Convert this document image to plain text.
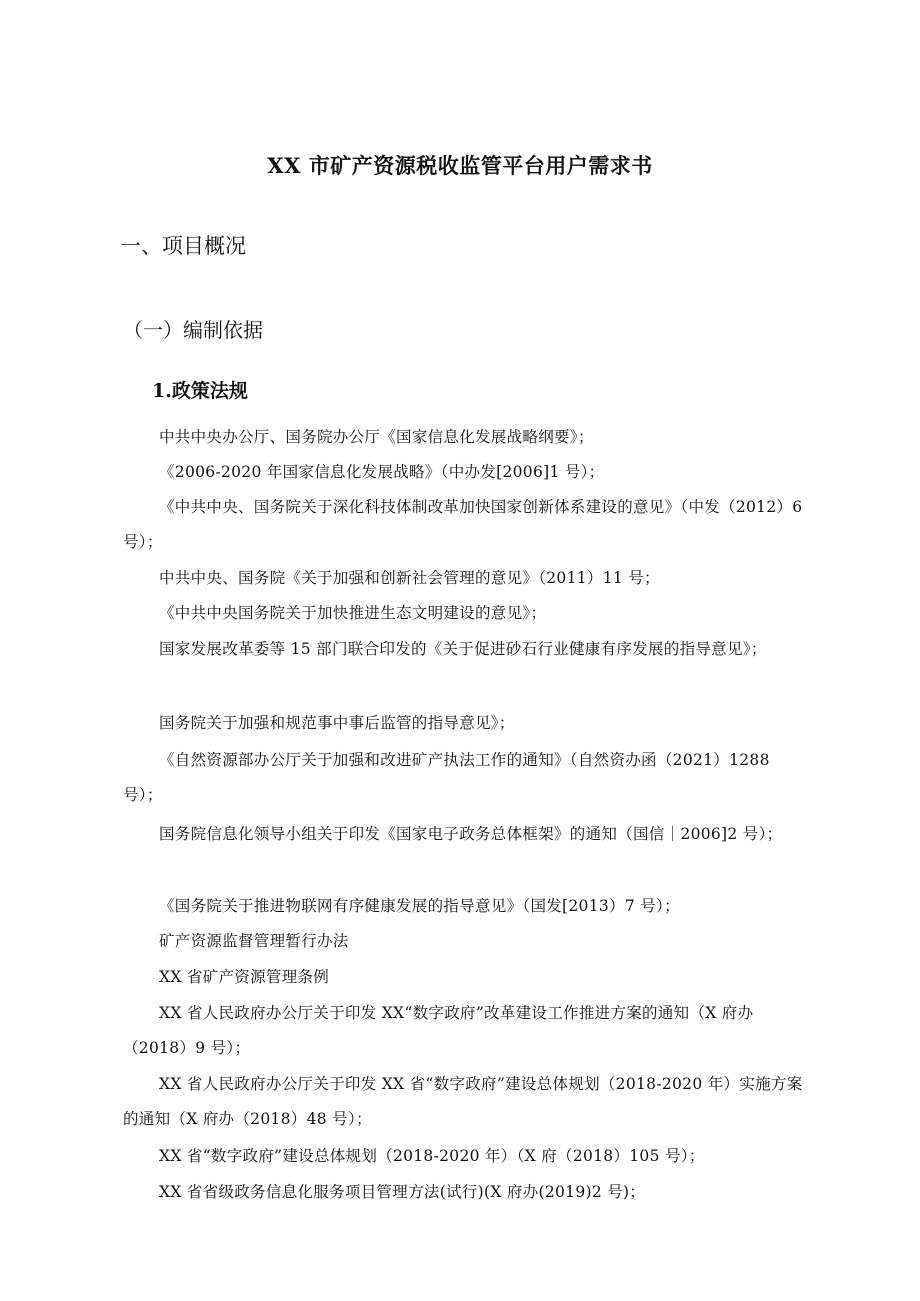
XX 市矿产资源税收监管平台用户需求书
一、项目概况
（一）编制依据
1.政策法规

中共中央办公厅、国务院办公厅《国家信息化发展战略纲要》；

《2006-2020 年国家信息化发展战略》（中办发[2006]1 号）；

《中共中央、国务院关于深化科技体制改革加快国家创新体系建设的意见》（中发（2012）6 号）；

中共中央、国务院《关于加强和创新社会管理的意见》（2011）11 号；

《中共中央国务院关于加快推进生态文明建设的意见》；

国家发展改革委等 15 部门联合印发的《关于促进砂石行业健康有序发展的指导意见》；

国务院关于加强和规范事中事后监管的指导意见》；

《自然资源部办公厅关于加强和改进矿产执法工作的通知》（自然资办函（2021）1288 号）；

国务院信息化领导小组关于印发《国家电子政务总体框架》的通知（国信｜2006]2 号）；

《国务院关于推进物联网有序健康发展的指导意见》（国发[2013）7 号）；

矿产资源监督管理暂行办法

XX 省矿产资源管理条例

XX 省人民政府办公厅关于印发 XX“数字政府”改革建设工作推进方案的通知（X 府办（2018）9 号）；

XX 省人民政府办公厅关于印发 XX 省“数字政府”建设总体规划（2018-2020 年）实施方案的通知（X 府办（2018）48 号）；

XX 省“数字政府”建设总体规划（2018-2020 年）（X 府（2018）105 号）；

XX 省省级政务信息化服务项目管理方法(试行)(X 府办(2019)2 号)；
